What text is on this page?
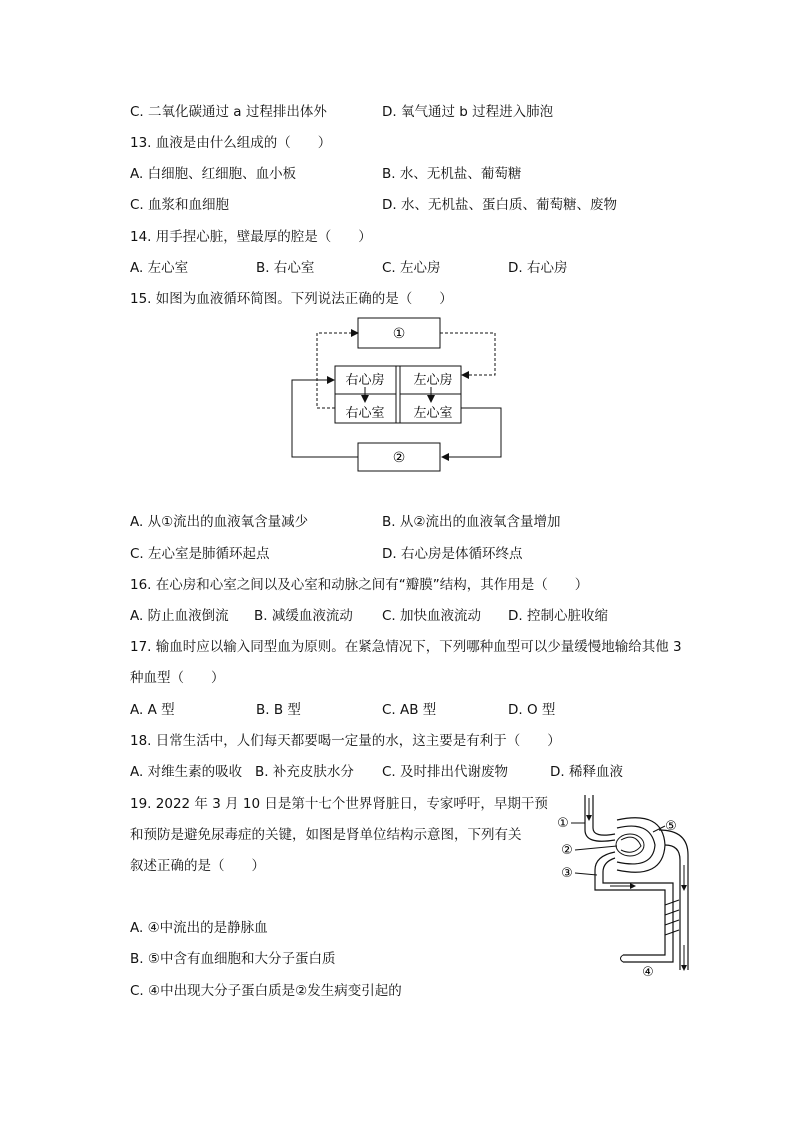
C. 二氧化碳通过 a 过程排出体外	D. 氧气通过 b 过程进入肺泡
13. 血液是由什么组成的（　　）
A. 白细胞、红细胞、血小板	B. 水、无机盐、葡萄糖
C. 血浆和血细胞	D. 水、无机盐、蛋白质、葡萄糖、废物
14. 用手捏心脏，壁最厚的腔是（　　）
A. 左心室	B. 右心室	C. 左心房	D. 右心房
15. 如图为血液循环简图。下列说法正确的是（　　）
①
右心房
右心室
左心房
左心室
②
A. 从①流出的血液氧含量减少	B. 从②流出的血液氧含量增加
C. 左心室是肺循环起点	D. 右心房是体循环终点
16. 在心房和心室之间以及心室和动脉之间有“瓣膜”结构，其作用是（　　）
A. 防止血液倒流 B. 减缓血液流动 C. 加快血液流动 D. 控制心脏收缩
17. 输血时应以输入同型血为原则。在紧急情况下，下列哪种血型可以少量缓慢地输给其他 3
种血型（　　）
A. A 型	B. B 型	C. AB 型	D. O 型
18. 日常生活中，人们每天都要喝一定量的水，这主要是有利于（　　）
A. 对维生素的吸收 B. 补充皮肤水分 C. 及时排出代谢废物	D. 稀释血液
19. 2022 年 3 月 10 日是第十七个世界肾脏日，专家呼吁，早期干预
和预防是避免尿毒症的关键，如图是肾单位结构示意图，下列有关
叙述正确的是（　　）
①
②
③
④
⑤
A. ④中流出的是静脉血
B. ⑤中含有血细胞和大分子蛋白质
C. ④中出现大分子蛋白质是②发生病变引起的
